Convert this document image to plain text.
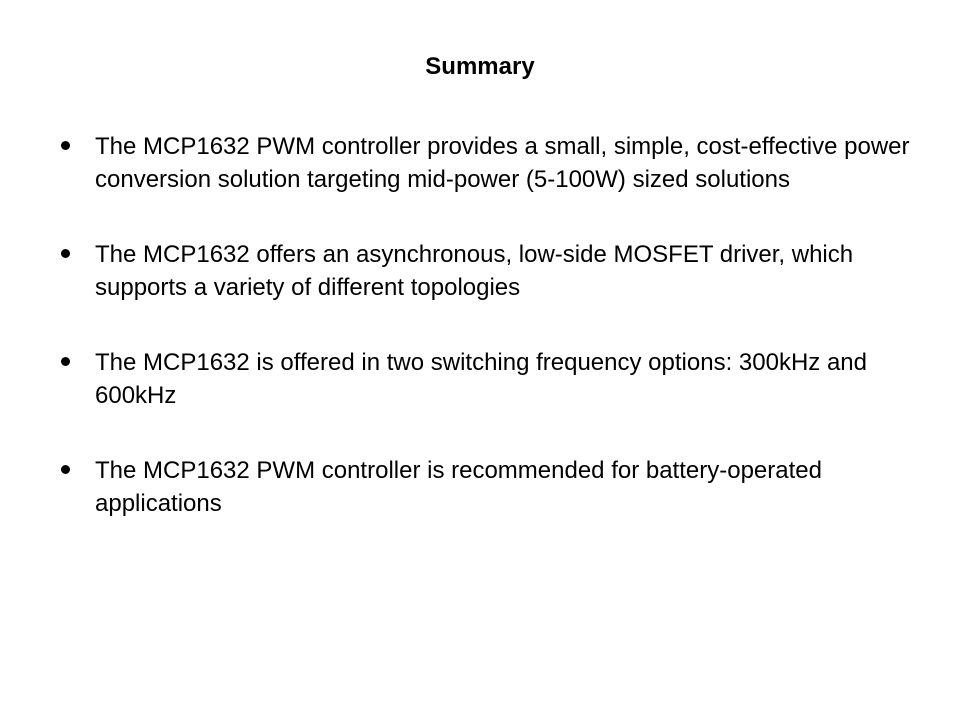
Summary
The MCP1632 PWM controller provides a small, simple, cost-effective power conversion solution targeting mid-power (5-100W) sized solutions
The MCP1632 offers an asynchronous, low-side MOSFET driver, which supports a variety of different topologies
The MCP1632 is offered in two switching frequency options: 300kHz and 600kHz
The MCP1632 PWM controller is recommended for battery-operated applications
